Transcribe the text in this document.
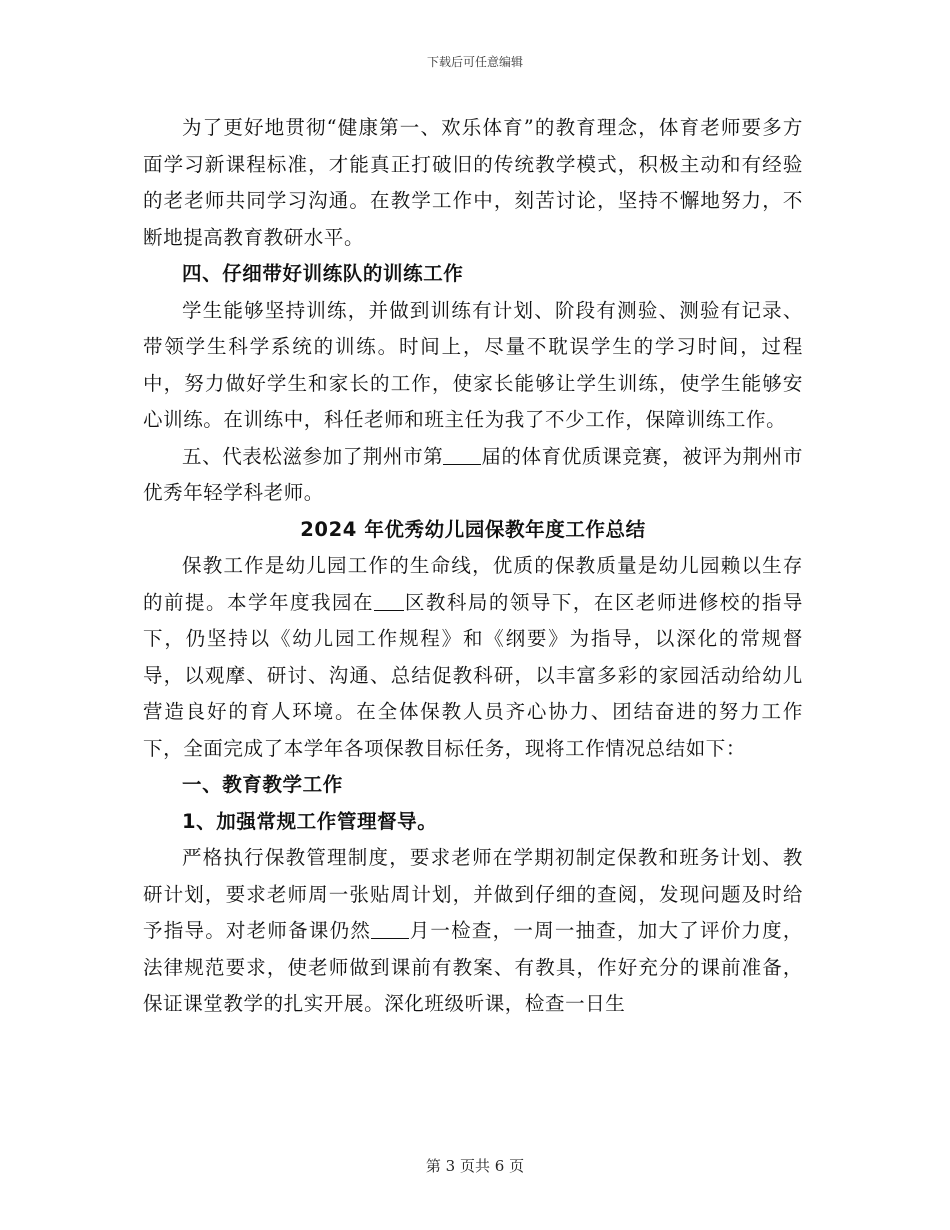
下载后可任意编辑

为了更好地贯彻“健康第一、欢乐体育”的教育理念，体育老师要多方面学习新课程标准，才能真正打破旧的传统教学模式，积极主动和有经验的老老师共同学习沟通。在教学工作中，刻苦讨论，坚持不懈地努力，不断地提高教育教研水平。

四、仔细带好训练队的训练工作

学生能够坚持训练，并做到训练有计划、阶段有测验、测验有记录、带领学生科学系统的训练。时间上，尽量不耽误学生的学习时间，过程中，努力做好学生和家长的工作，使家长能够让学生训练，使学生能够安心训练。在训练中，科任老师和班主任为我了不少工作，保障训练工作。

五、代表松滋参加了荆州市第 届的体育优质课竞赛，被评为荆州市优秀年轻学科老师。

2024 年优秀幼儿园保教年度工作总结

保教工作是幼儿园工作的生命线，优质的保教质量是幼儿园赖以生存的前提。本学年度我园在 区教科局的领导下，在区老师进修校的指导下，仍坚持以《幼儿园工作规程》和《纲要》为指导，以深化的常规督导，以观摩、研讨、沟通、总结促教科研，以丰富多彩的家园活动给幼儿营造良好的育人环境。在全体保教人员齐心协力、团结奋进的努力工作下，全面完成了本学年各项保教目标任务，现将工作情况总结如下：

一、教育教学工作

1、加强常规工作管理督导。

严格执行保教管理制度，要求老师在学期初制定保教和班务计划、教研计划，要求老师周一张贴周计划，并做到仔细的查阅，发现问题及时给予指导。对老师备课仍然 月一检查，一周一抽查，加大了评价力度，法律规范要求，使老师做到课前有教案、有教具，作好充分的课前准备，保证课堂教学的扎实开展。深化班级听课，检查一日生

第 3 页共 6 页
